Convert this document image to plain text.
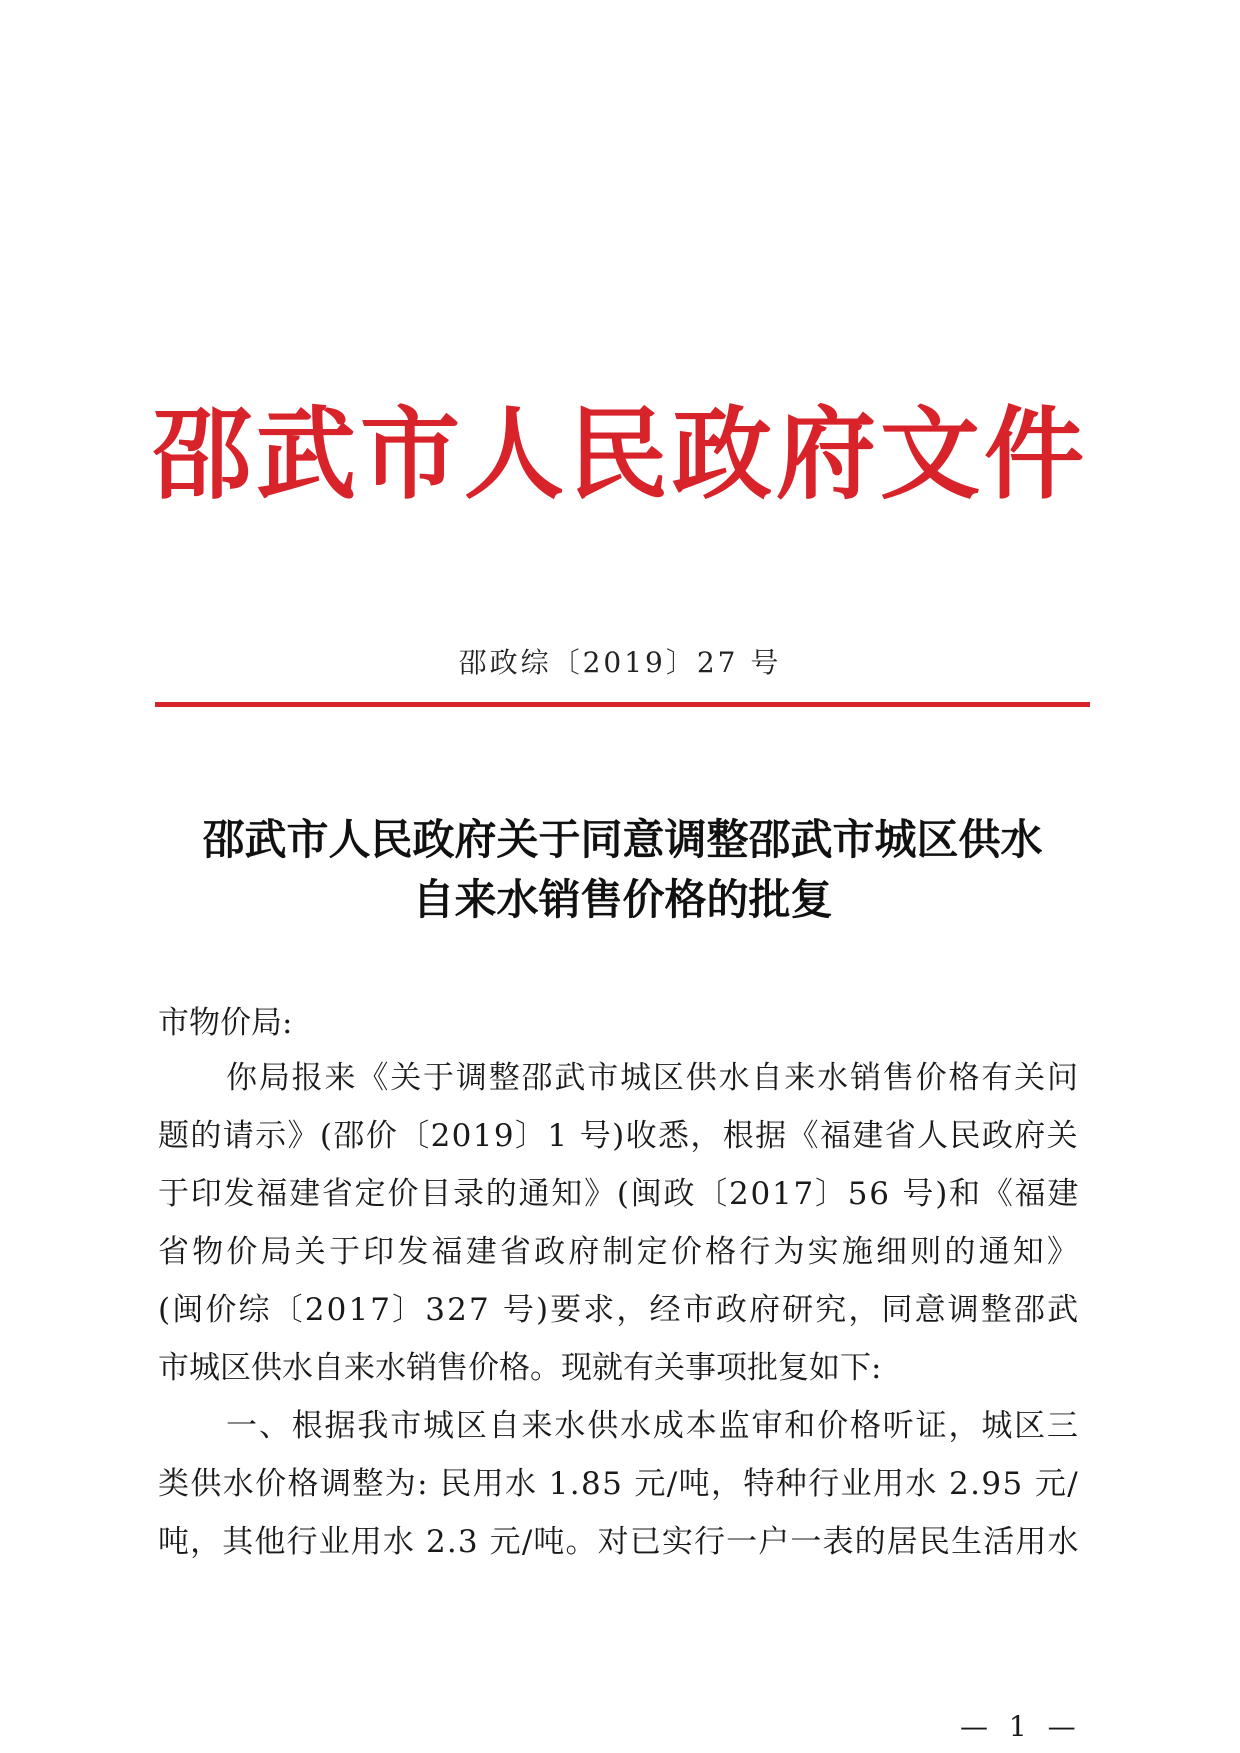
邵武市人民政府文件
邵政综〔2019〕27 号
邵武市人民政府关于同意调整邵武市城区供水
自来水销售价格的批复
市物价局:
你局报来《关于调整邵武市城区供水自来水销售价格有关问
题的请示》(邵价〔2019〕1 号)收悉，根据《福建省人民政府关
于印发福建省定价目录的通知》(闽政〔2017〕56 号)和《福建
省物价局关于印发福建省政府制定价格行为实施细则的通知》
(闽价综〔2017〕327 号)要求，经市政府研究，同意调整邵武
市城区供水自来水销售价格。现就有关事项批复如下:
一、根据我市城区自来水供水成本监审和价格听证，城区三
类供水价格调整为: 民用水 1.85 元/吨，特种行业用水 2.95 元/
吨，其他行业用水 2.3 元/吨。对已实行一户一表的居民生活用水
— 1 —
